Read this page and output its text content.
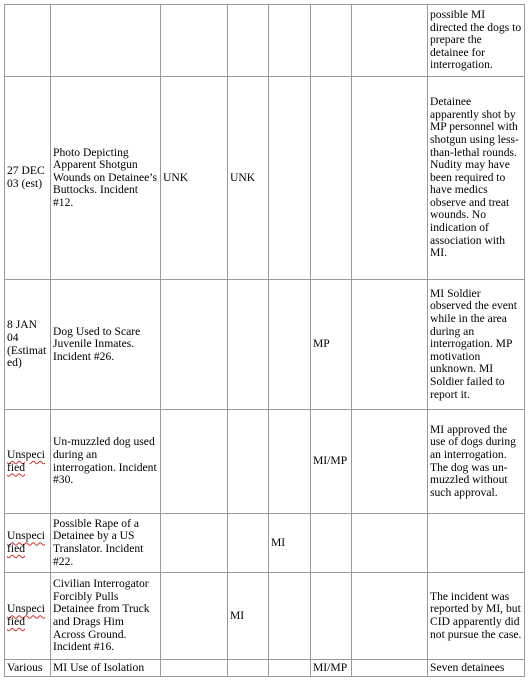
							possible MI directed the dogs to prepare the detainee for interrogation.
27 DEC 03 (est)	Photo Depicting Apparent Shotgun Wounds on Detainee’s Buttocks. Incident #12.	UNK	UNK				Detainee apparently shot by MP personnel with shotgun using less- than-lethal rounds. Nudity may have been required to have medics observe and treat wounds. No indication of association with MI.
8 JAN 04 (Estimated)	Dog Used to Scare Juvenile Inmates. Incident #26.				MP		MI Soldier observed the event while in the area during an interrogation. MP motivation unknown. MI Soldier failed to report it.
Unspecified	Un-muzzled dog used during an interrogation. Incident #30.				MI/MP		MI approved the use of dogs during an interrogation. The dog was un-muzzled without such approval.
Unspecified	Possible Rape of a Detainee by a US Translator. Incident #22.			MI			
Unspecified	Civilian Interrogator Forcibly Pulls Detainee from Truck and Drags Him Across Ground. Incident #16.		MI				The incident was reported by MI, but CID apparently did not pursue the case.
Various	MI Use of Isolation				MI/MP		Seven detainees
